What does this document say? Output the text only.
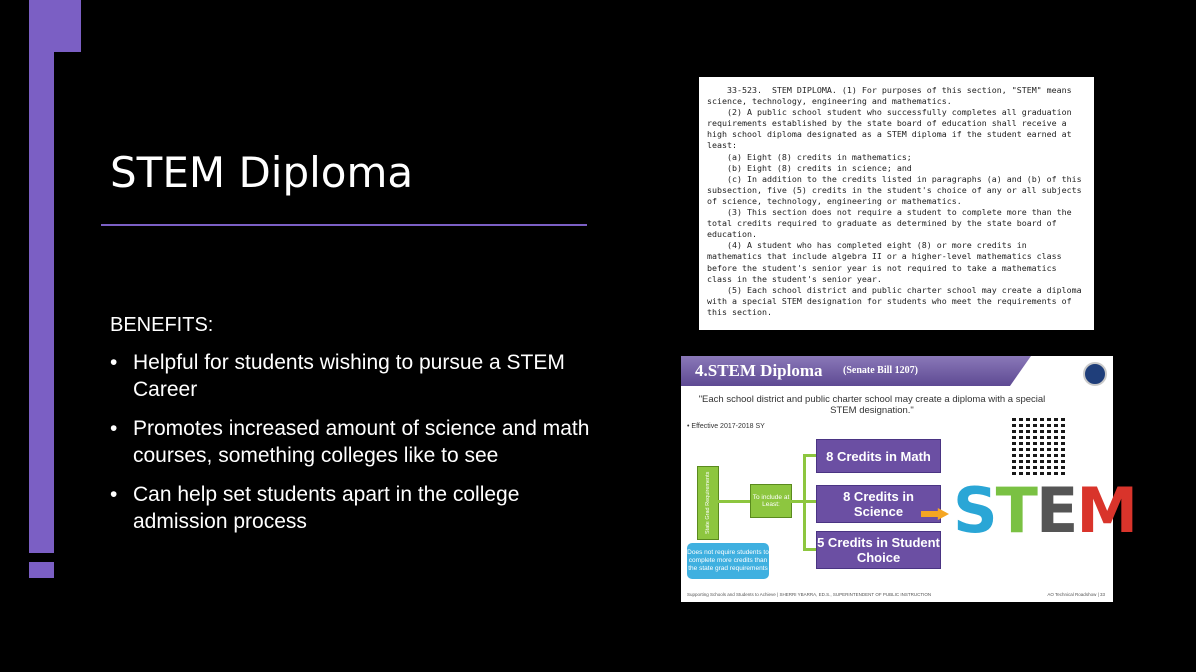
STEM Diploma
BENEFITS:
• Helpful for students wishing to pursue a STEM Career
• Promotes increased amount of science and math courses, something colleges like to see
• Can help set students apart in the college admission process

33-523.  STEM DIPLOMA. (1) For purposes of this section, "STEM" means science, technology, engineering and mathematics.

(2) A public school student who successfully completes all graduation requirements established by the state board of education shall receive a high school diploma designated as a STEM diploma if the student earned at least:

(a) Eight (8) credits in mathematics;

(b) Eight (8) credits in science; and

(c) In addition to the credits listed in paragraphs (a) and (b) of this subsection, five (5) credits in the student's choice of any or all subjects of science, technology, engineering or mathematics.

(3) This section does not require a student to complete more than the total credits required to graduate as determined by the state board of education.

(4) A student who has completed eight (8) or more credits in mathematics that include algebra II or a higher-level mathematics class before the student's senior year is not required to take a mathematics class in the student's senior year.

(5) Each school district and public charter school may create a diploma with a special STEM designation for students who meet the requirements of this section.

4.STEM Diploma (Senate Bill 1207)
"Each school district and public charter school may create a diploma with a special STEM designation."
• Effective 2017-2018 SY
State Grad Requirements	To include at Least:
8 Credits in Math
8 Credits in Science
5 Credits in Student Choice
STEM
Does not require students to complete more credits than the state grad requirements
Supporting Schools and Students to Achieve | SHERRI YBARRA, ED.S., SUPERINTENDENT OF PUBLIC INSTRUCTION	AO Technical Roadshow | 33
